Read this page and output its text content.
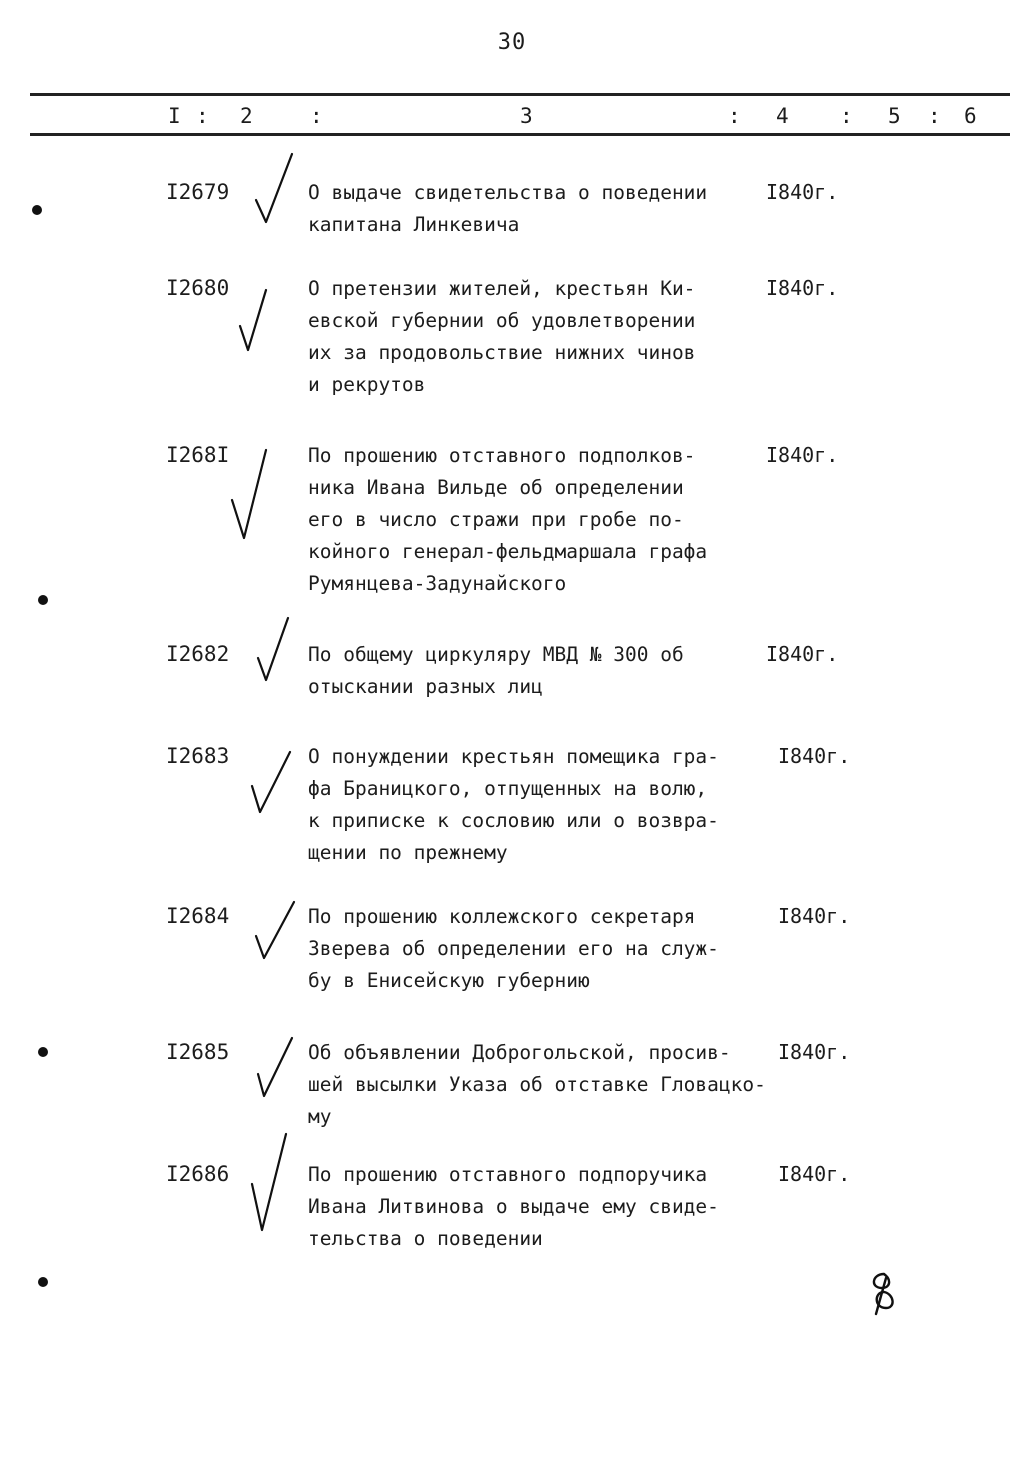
30
I : 2	:	3	: 4 : 5 : 6
I2679	О выдаче свидетельства о поведении
капитана Линкевича
I840г.
I2680	О претензии жителей, крестьян Ки-
евской губернии об удовлетворении
их за продовольствие нижних чинов
и рекрутов
I840г.
I268I	По прошению отставного подполков-
ника Ивана Вильде об определении
его в число стражи при гробе по-
койного генерал-фельдмаршала графа
Румянцева-Задунайского
I840г.
I2682	По общему циркуляру МВД № 300 об
отыскании разных лиц
I840г.
I2683	О понуждении крестьян помещика гра-
фа Браницкого, отпущенных на волю,
к приписке к сословию или о возвра-
щении по прежнему
I840г.
I2684	По прошению коллежского секретаря
Зверева об определении его на служ-
бу в Енисейскую губернию
I840г.
I2685	Об объявлении Доброгольской, просив-
шей высылки Указа об отставке Гловацко-
му
I840г.
I2686	По прошению отставного подпоручика
Ивана Литвинова о выдаче ему свиде-
тельства о поведении
I840г.
